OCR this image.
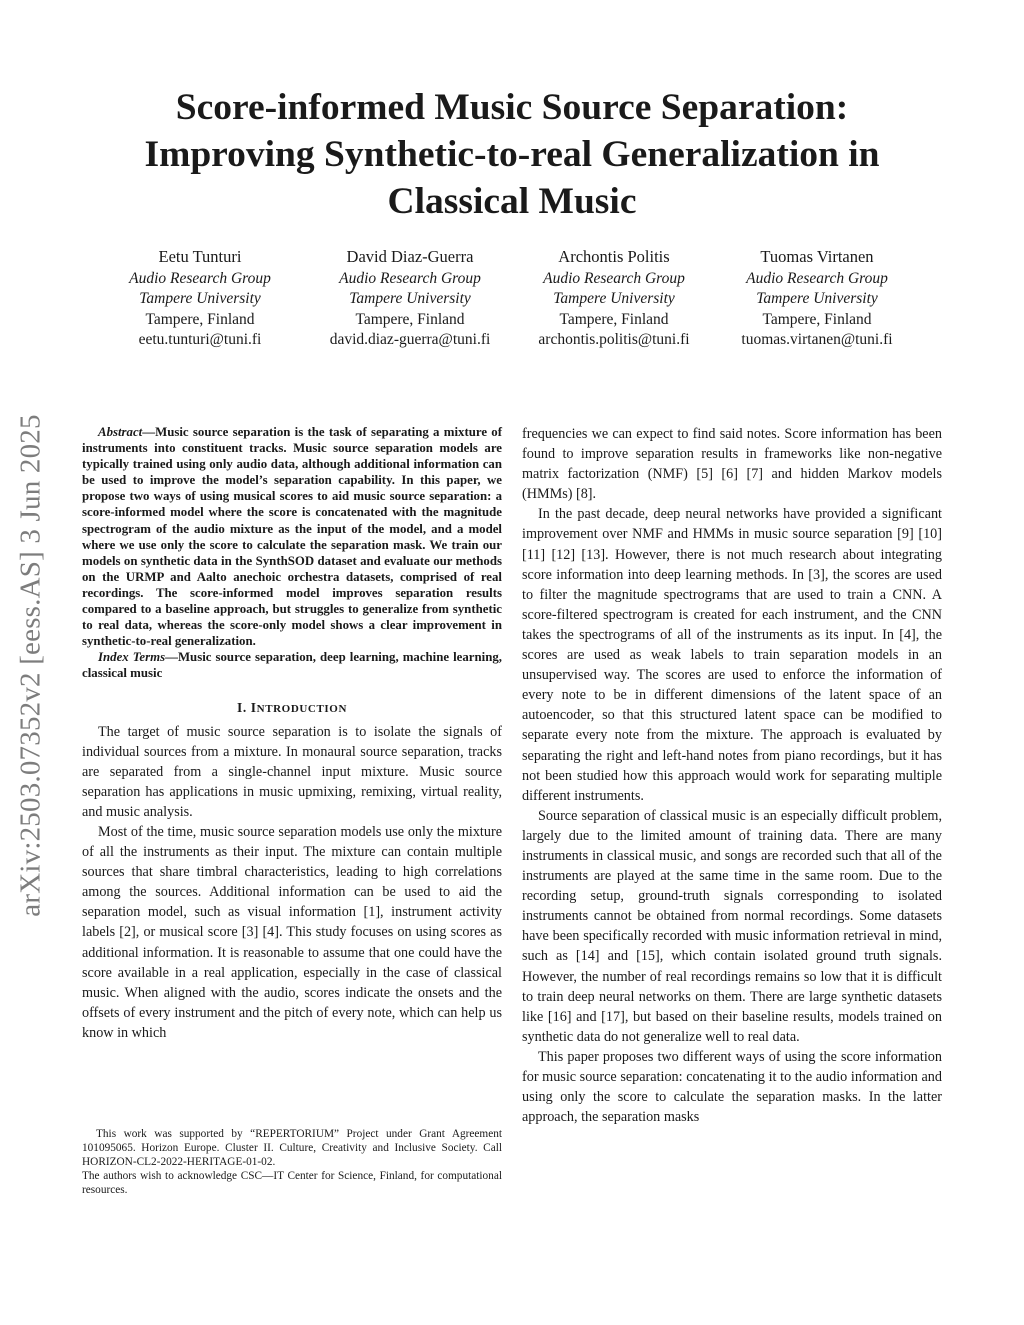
arXiv:2503.07352v2 [eess.AS] 3 Jun 2025
Score-informed Music Source Separation: Improving Synthetic-to-real Generalization in Classical Music
Eetu Tunturi
Audio Research Group
Tampere University
Tampere, Finland
eetu.tunturi@tuni.fi
David Diaz-Guerra
Audio Research Group
Tampere University
Tampere, Finland
david.diaz-guerra@tuni.fi
Archontis Politis
Audio Research Group
Tampere University
Tampere, Finland
archontis.politis@tuni.fi
Tuomas Virtanen
Audio Research Group
Tampere University
Tampere, Finland
tuomas.virtanen@tuni.fi

Abstract—Music source separation is the task of separating a mixture of instruments into constituent tracks. Music source separation models are typically trained using only audio data, although additional information can be used to improve the model’s separation capability. In this paper, we propose two ways of using musical scores to aid music source separation: a score-informed model where the score is concatenated with the magnitude spectrogram of the audio mixture as the input of the model, and a model where we use only the score to calculate the separation mask. We train our models on synthetic data in the SynthSOD dataset and evaluate our methods on the URMP and Aalto anechoic orchestra datasets, comprised of real recordings. The score-informed model improves separation results compared to a baseline approach, but struggles to generalize from synthetic to real data, whereas the score-only model shows a clear improvement in synthetic-to-real generalization.

Index Terms—Music source separation, deep learning, machine learning, classical music

I. INTRODUCTION

The target of music source separation is to isolate the signals of individual sources from a mixture. In monaural source separation, tracks are separated from a single-channel input mixture. Music source separation has applications in music upmixing, remixing, virtual reality, and music analysis.

Most of the time, music source separation models use only the mixture of all the instruments as their input. The mixture can contain multiple sources that share timbral characteristics, leading to high correlations among the sources. Additional information can be used to aid the separation model, such as visual information [1], instrument activity labels [2], or musical score [3] [4]. This study focuses on using scores as additional information. It is reasonable to assume that one could have the score available in a real application, especially in the case of classical music. When aligned with the audio, scores indicate the onsets and the offsets of every instrument and the pitch of every note, which can help us know in which

frequencies we can expect to find said notes. Score information has been found to improve separation results in frameworks like non-negative matrix factorization (NMF) [5] [6] [7] and hidden Markov models (HMMs) [8].

In the past decade, deep neural networks have provided a significant improvement over NMF and HMMs in music source separation [9] [10] [11] [12] [13]. However, there is not much research about integrating score information into deep learning methods. In [3], the scores are used to filter the magnitude spectrograms that are used to train a CNN. A score-filtered spectrogram is created for each instrument, and the CNN takes the spectrograms of all of the instruments as its input. In [4], the scores are used as weak labels to train separation models in an unsupervised way. The scores are used to enforce the information of every note to be in different dimensions of the latent space of an autoencoder, so that this structured latent space can be modified to separate every note from the mixture. The approach is evaluated by separating the right and left-hand notes from piano recordings, but it has not been studied how this approach would work for separating multiple different instruments.

Source separation of classical music is an especially difficult problem, largely due to the limited amount of training data. There are many instruments in classical music, and songs are recorded such that all of the instruments are played at the same time in the same room. Due to the recording setup, ground-truth signals corresponding to isolated instruments cannot be obtained from normal recordings. Some datasets have been specifically recorded with music information retrieval in mind, such as [14] and [15], which contain isolated ground truth signals. However, the number of real recordings remains so low that it is difficult to train deep neural networks on them. There are large synthetic datasets like [16] and [17], but based on their baseline results, models trained on synthetic data do not generalize well to real data.

This paper proposes two different ways of using the score information for music source separation: concatenating it to the audio information and using only the score to calculate the separation masks. In the latter approach, the separation masks

This work was supported by “REPERTORIUM” Project under Grant Agreement 101095065. Horizon Europe. Cluster II. Culture, Creativity and Inclusive Society. Call HORIZON-CL2-2022-HERITAGE-01-02.

The authors wish to acknowledge CSC—IT Center for Science, Finland, for computational resources.
